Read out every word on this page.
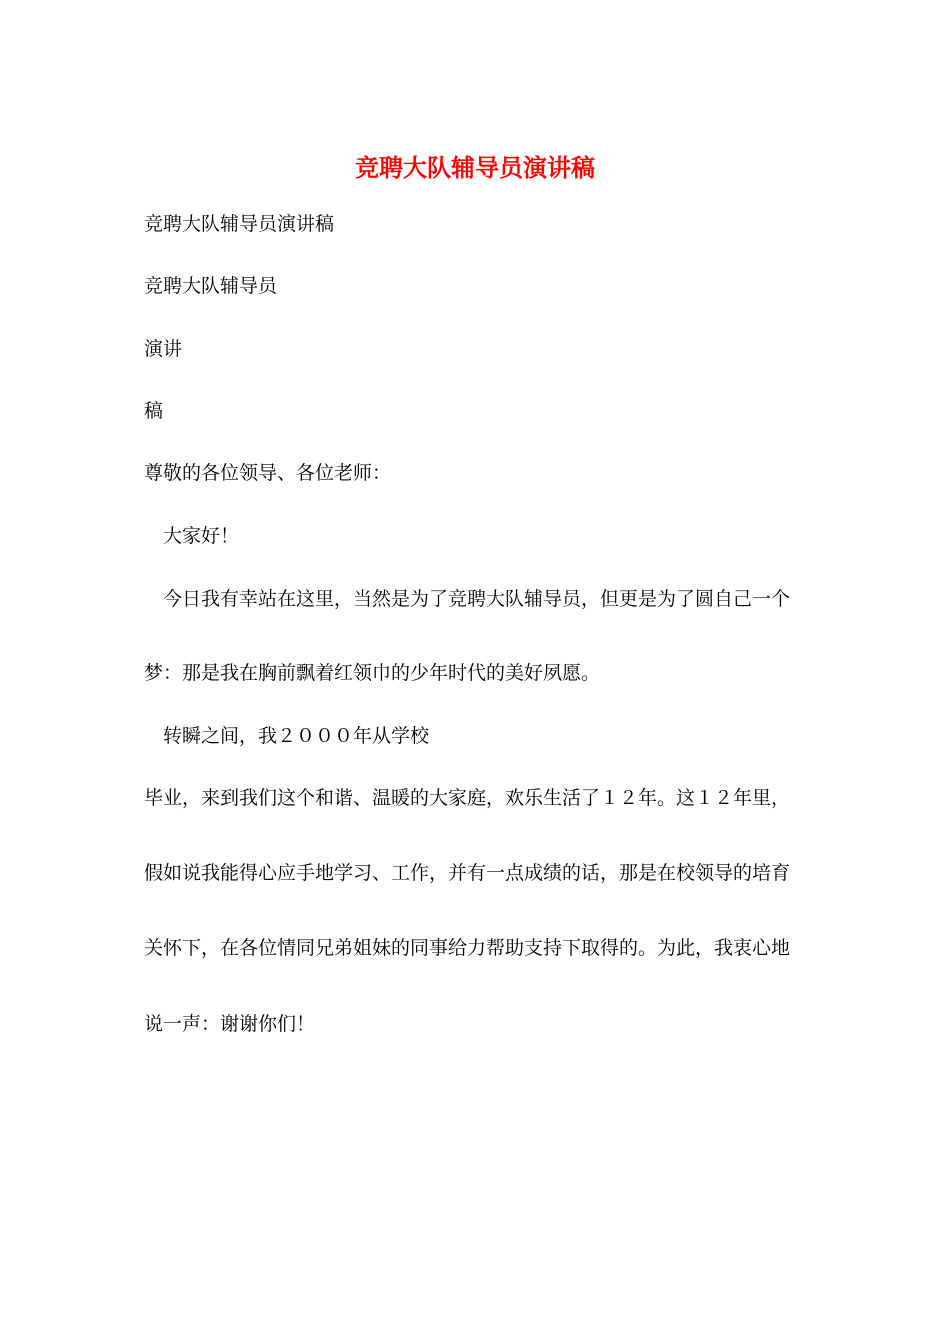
竞聘大队辅导员演讲稿
竞聘大队辅导员演讲稿
竞聘大队辅导员
演讲
稿
尊敬的各位领导、各位老师：
大家好！
今日我有幸站在这里，当然是为了竞聘大队辅导员，但更是为了圆自己一个
梦：那是我在胸前飘着红领巾的少年时代的美好夙愿。
转瞬之间，我２０００年从学校
毕业，来到我们这个和谐、温暖的大家庭，欢乐生活了１２年。这１２年里，
假如说我能得心应手地学习、工作，并有一点成绩的话，那是在校领导的培育
关怀下，在各位情同兄弟姐妹的同事给力帮助支持下取得的。为此，我衷心地
说一声：谢谢你们！
